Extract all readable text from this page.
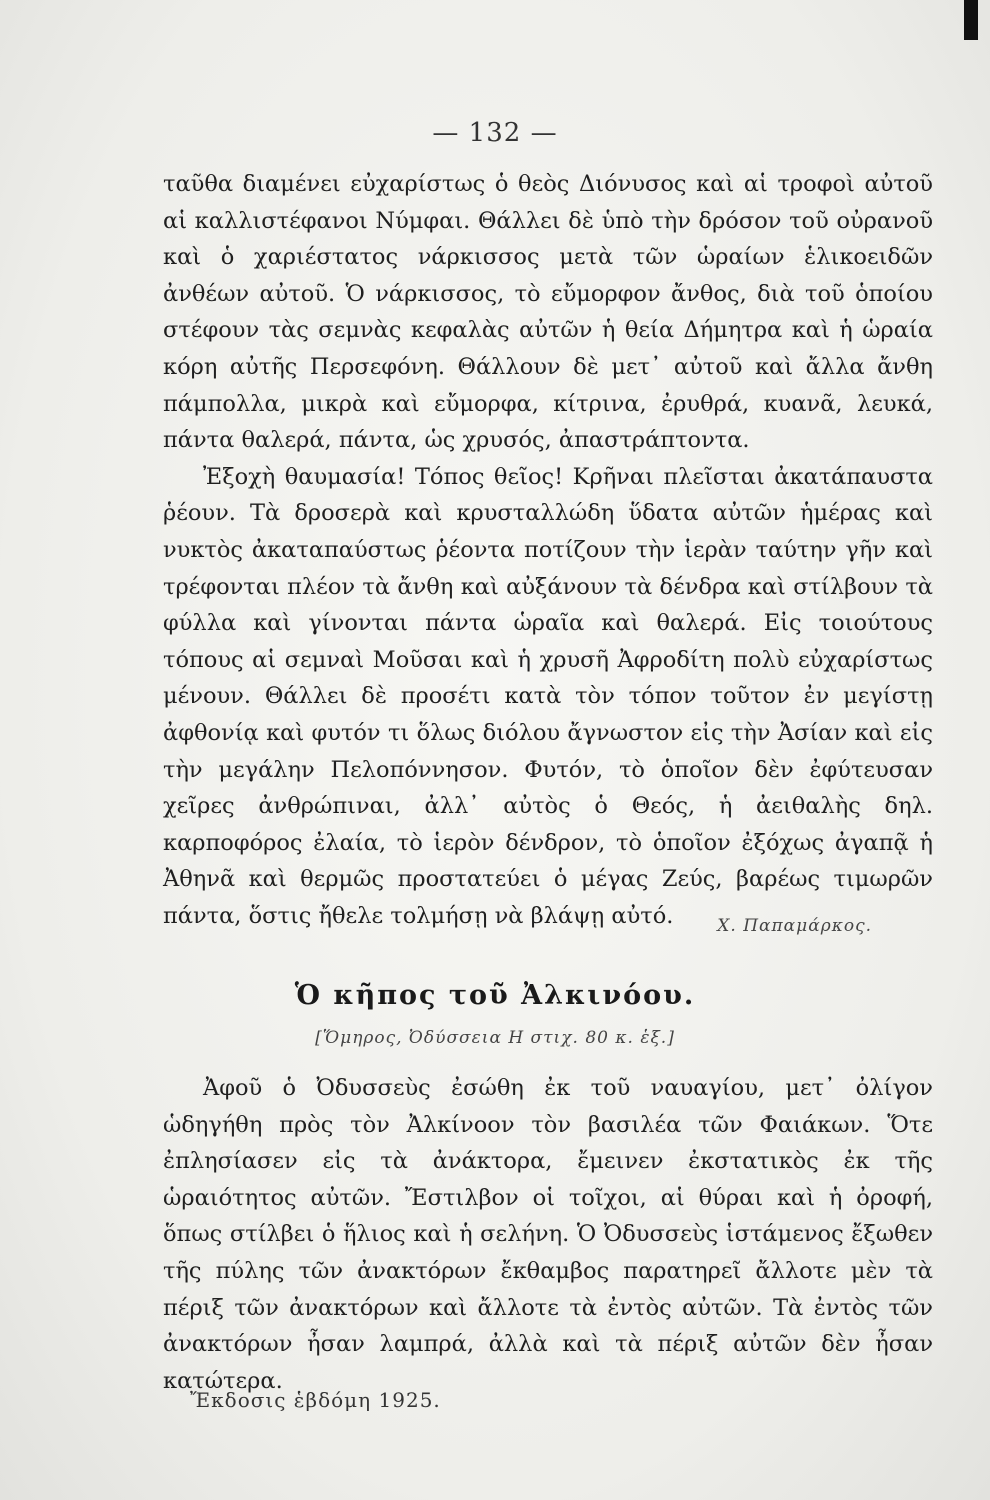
— 132 —

ταῦθα διαμένει εὐχαρίστως ὁ θεὸς Διόνυσος καὶ αἱ τροφοὶ αὐτοῦ αἱ καλλιστέφανοι Νύμφαι. Θάλλει δὲ ὑπὸ τὴν δρόσον τοῦ οὐρανοῦ καὶ ὁ χαριέστατος νάρκισσος μετὰ τῶν ὡραίων ἑλικοειδῶν ἀνθέων αὐτοῦ. Ὁ νάρκισσος, τὸ εὔμορφον ἄνθος, διὰ τοῦ ὁποίου στέφουν τὰς σεμνὰς κεφαλὰς αὐτῶν ἡ θεία Δήμητρα καὶ ἡ ὡραία κόρη αὐτῆς Περσεφόνη. Θάλλουν δὲ μετ᾽ αὐτοῦ καὶ ἄλλα ἄνθη πάμπολλα, μικρὰ καὶ εὔμορφα, κίτρινα, ἐρυθρά, κυανᾶ, λευκά, πάντα θαλερά, πάντα, ὡς χρυσός, ἀπαστράπτοντα.

Ἐξοχὴ θαυμασία! Τόπος θεῖος! Κρῆναι πλεῖσται ἀκατάπαυστα ῥέουν. Τὰ δροσερὰ καὶ κρυσταλλώδη ὕδατα αὐτῶν ἡμέρας καὶ νυκτὸς ἀκαταπαύστως ῥέοντα ποτίζουν τὴν ἱερὰν ταύτην γῆν καὶ τρέφονται πλέον τὰ ἄνθη καὶ αὐξάνουν τὰ δένδρα καὶ στίλβουν τὰ φύλλα καὶ γίνονται πάντα ὡραῖα καὶ θαλερά. Εἰς τοιούτους τόπους αἱ σεμναὶ Μοῦσαι καὶ ἡ χρυσῆ Ἀφροδίτη πολὺ εὐχαρίστως μένουν. Θάλλει δὲ προσέτι κατὰ τὸν τόπον τοῦτον ἐν μεγίστῃ ἀφθονίᾳ καὶ φυτόν τι ὅλως διόλου ἄγνωστον εἰς τὴν Ἀσίαν καὶ εἰς τὴν μεγάλην Πελοπόννησον. Φυτόν, τὸ ὁποῖον δὲν ἐφύτευσαν χεῖρες ἀνθρώπιναι, ἀλλ᾽ αὐτὸς ὁ Θεός, ἡ ἀειθαλὴς δηλ. καρποφόρος ἐλαία, τὸ ἱερὸν δένδρον, τὸ ὁποῖον ἐξόχως ἀγαπᾷ ἡ Ἀθηνᾶ καὶ θερμῶς προστατεύει ὁ μέγας Ζεύς, βαρέως τιμωρῶν πάντα, ὅστις ἤθελε τολμήσῃ νὰ βλάψῃ αὐτό.	Χ. Παπαμάρκος.
Ὁ κῆπος τοῦ Ἀλκινόου.
[Ὅμηρος, Ὀδύσσεια Η στιχ. 80 κ. ἑξ.]

Ἀφοῦ ὁ Ὀδυσσεὺς ἐσώθη ἐκ τοῦ ναυαγίου, μετ᾽ ὀλίγον ὡδηγήθη πρὸς τὸν Ἀλκίνοον τὸν βασιλέα τῶν Φαιάκων. Ὅτε ἐπλησίασεν εἰς τὰ ἀνάκτορα, ἔμεινεν ἐκστατικὸς ἐκ τῆς ὡραιότητος αὐτῶν. Ἔστιλβον οἱ τοῖχοι, αἱ θύραι καὶ ἡ ὀροφή, ὅπως στίλβει ὁ ἥλιος καὶ ἡ σελήνη. Ὁ Ὀδυσσεὺς ἱστάμενος ἔξωθεν τῆς πύλης τῶν ἀνακτόρων ἔκθαμβος παρατηρεῖ ἄλλοτε μὲν τὰ πέριξ τῶν ἀνακτόρων καὶ ἄλλοτε τὰ ἐντὸς αὐτῶν. Τὰ ἐντὸς τῶν ἀνακτόρων ἦσαν λαμπρά, ἀλλὰ καὶ τὰ πέριξ αὐτῶν δὲν ἦσαν κατώτερα.

Ἔκδοσις ἑβδόμη 1925.
